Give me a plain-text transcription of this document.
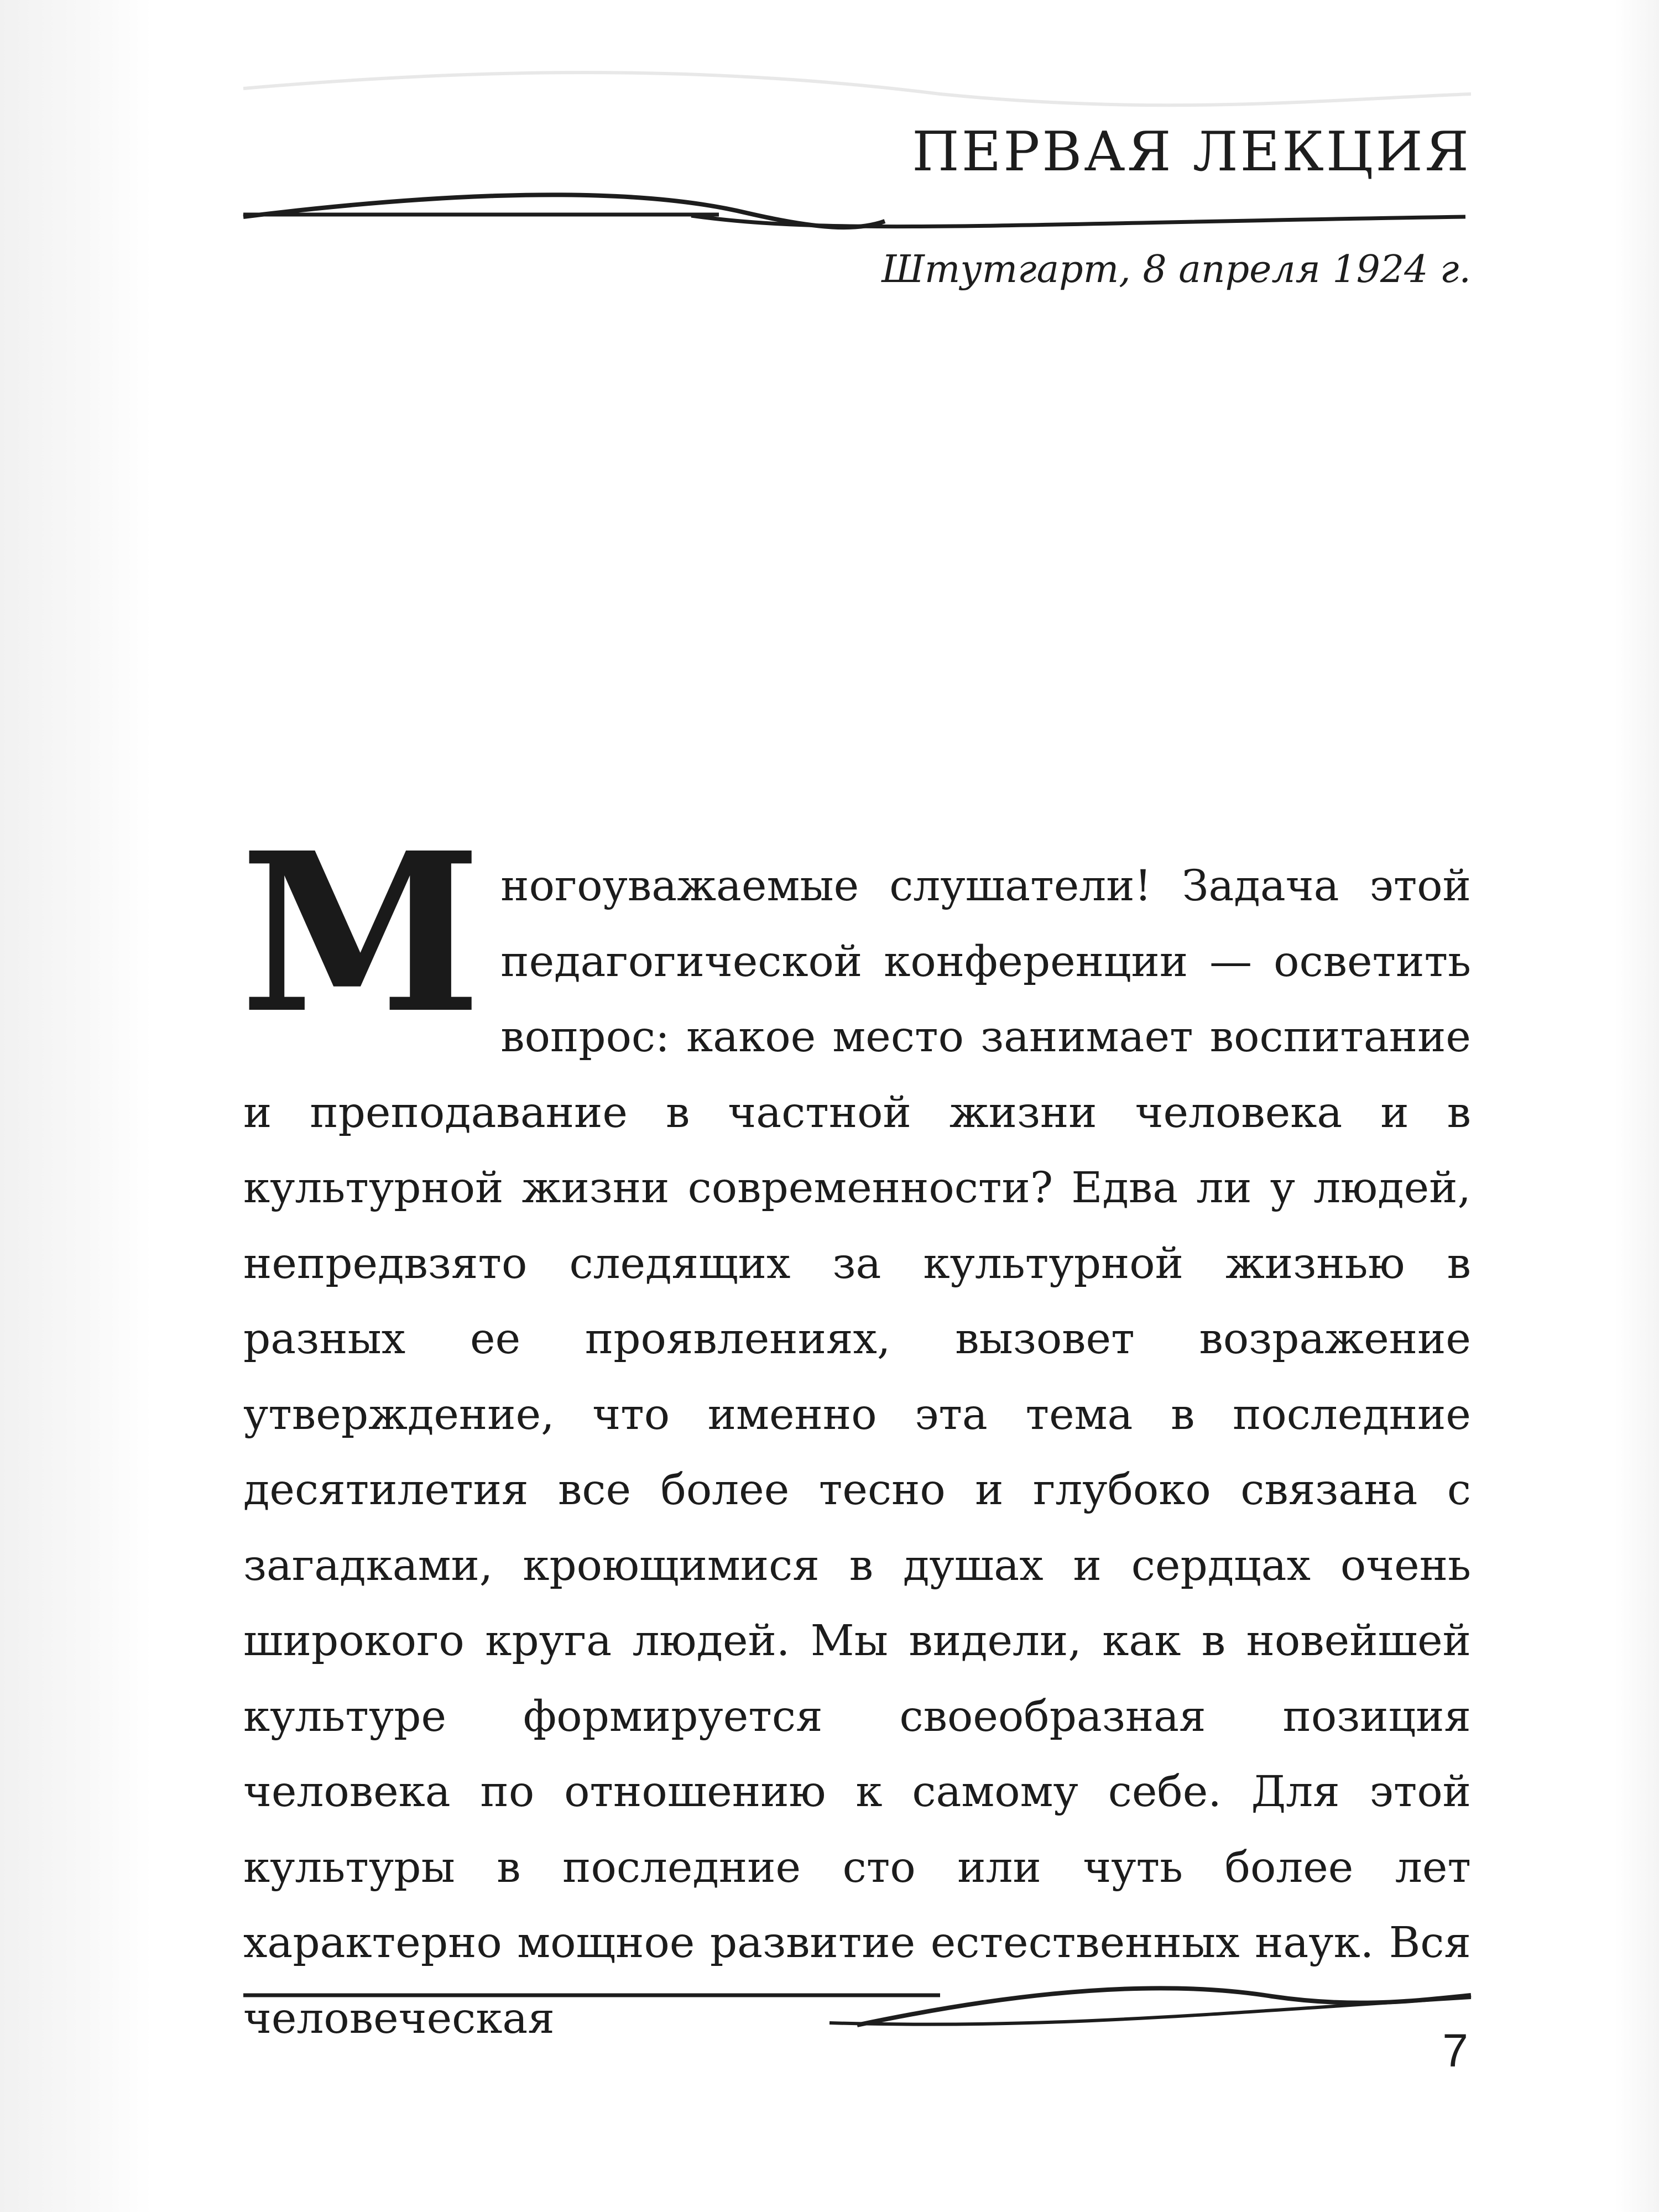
ПЕРВАЯ ЛЕКЦИЯ
Штутгарт, 8 апреля 1924 г.
М ногоуважаемые слушатели! Задача этой педагогической конференции — осветить вопрос: какое место занимает воспитание и преподавание в частной жизни человека и в культурной жизни современности? Едва ли у людей, непредвзято следящих за культурной жизнью в разных ее проявлениях, вызовет возражение утверждение, что именно эта тема в последние десятилетия все более тесно и глубоко связана с загадками, кроющимися в душах и сердцах очень широкого круга людей. Мы видели, как в новейшей культуре формируется своеобразная позиция человека по отношению к самому себе. Для этой культуры в последние сто или чуть более лет характерно мощное развитие естественных наук. Вся человеческая
7
